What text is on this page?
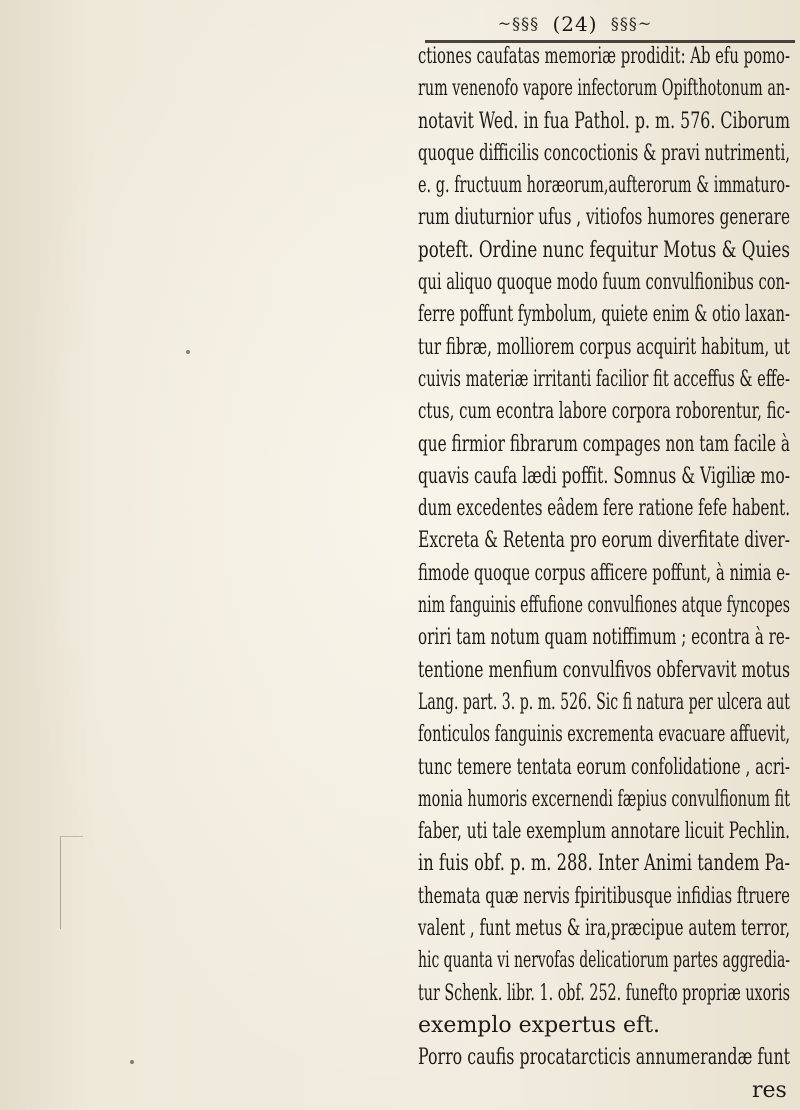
~§§§ (24) §§§~
ctiones caufatas memoriæ prodidit: Ab efu pomo-
rum venenofo vapore infectorum Opifthotonum an-
notavit Wed. in fua Pathol. p. m. 576. Ciborum
quoque difficilis concoctionis & pravi nutrimenti,
e. g. fructuum horæorum,aufterorum & immaturo-
rum diuturnior ufus , vitiofos humores generare
poteft. Ordine nunc fequitur Motus & Quies
qui aliquo quoque modo fuum convulfionibus con-
ferre poffunt fymbolum, quiete enim & otio laxan-
tur fibræ, molliorem corpus acquirit habitum, ut
cuivis materiæ irritanti facilior fit acceffus & effe-
ctus, cum econtra labore corpora roborentur, fic-
que firmior fibrarum compages non tam facile à
quavis caufa lædi poffit. Somnus & Vigiliæ mo-
dum excedentes eâdem fere ratione fefe habent.
Excreta & Retenta pro eorum diverfitate diver-
fimode quoque corpus afficere poffunt, à nimia e-
nim fanguinis effufione convulfiones atque fyncopes
oriri tam notum quam notiffimum ; econtra à re-
tentione menfium convulfivos obfervavit motus
Lang. part. 3. p. m. 526. Sic fi natura per ulcera aut
fonticulos fanguinis excrementa evacuare affuevit,
tunc temere tentata eorum confolidatione , acri-
monia humoris excernendi fæpius convulfionum fit
faber, uti tale exemplum annotare licuit Pechlin.
in fuis obf. p. m. 288. Inter Animi tandem Pa-
themata quæ nervis fpiritibusque infidias ftruere
valent , funt metus & ira,præcipue autem terror,
hic quanta vi nervofas delicatiorum partes aggredia-
tur Schenk. libr. 1. obf. 252. funefto propriæ uxoris
exemplo expertus eft.
Porro caufis procatarcticis annumerandæ funt
res
